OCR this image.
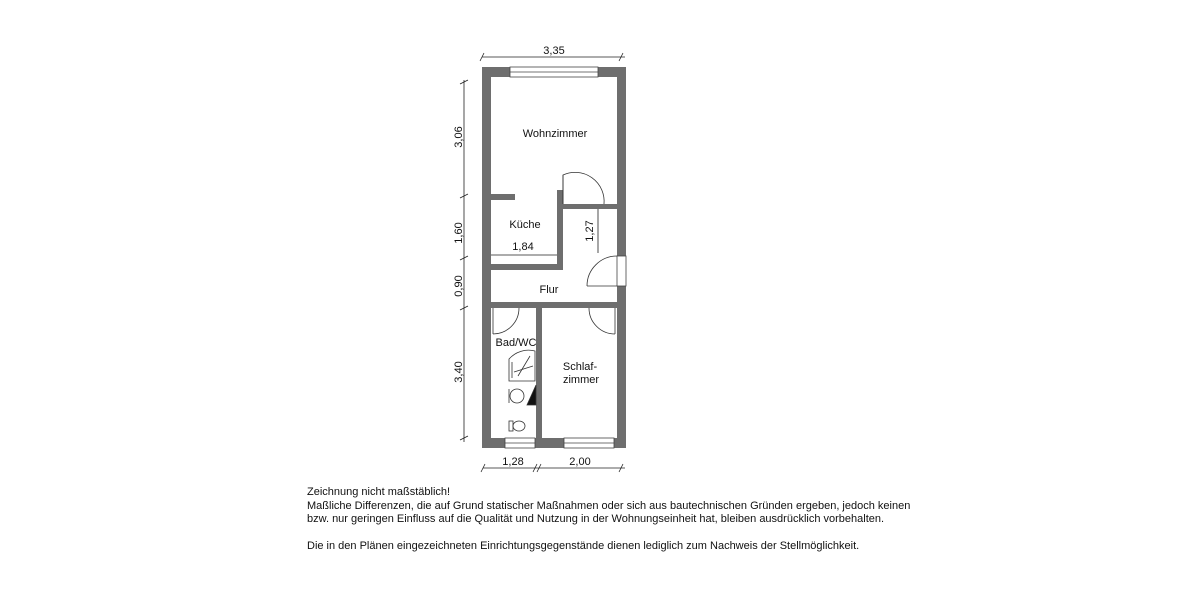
Wohnzimmer
Küche
Flur
Bad/WC
Schlaf-
zimmer
3,35
3,06
1,60
0,90
3,40
1,84
1,27
1,28	2,00
Zeichnung nicht maßstäblich!
Maßliche Differenzen, die auf Grund statischer Maßnahmen oder sich aus bautechnischen Gründen ergeben, jedoch keinen
bzw. nur geringen Einfluss auf die Qualität und Nutzung in der Wohnungseinheit hat, bleiben ausdrücklich vorbehalten.
Die in den Plänen eingezeichneten Einrichtungsgegenstände dienen lediglich zum Nachweis der Stellmöglichkeit.
